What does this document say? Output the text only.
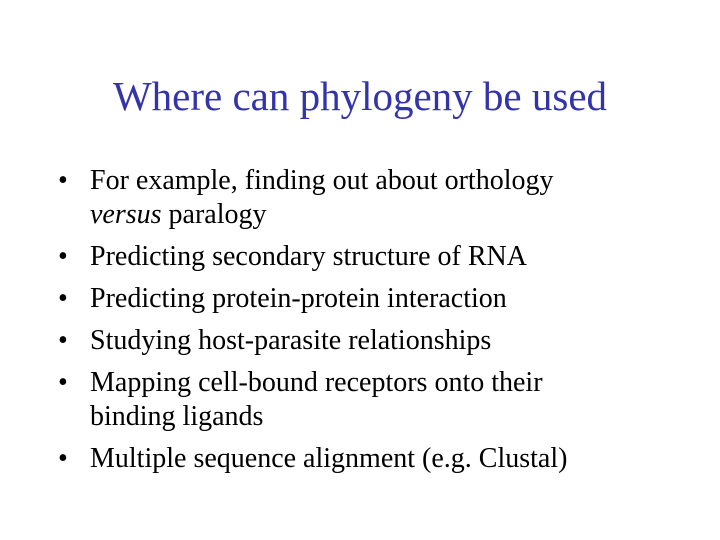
Where can phylogeny be used
• For example, finding out about orthology
versus paralogy
• Predicting secondary structure of RNA
• Predicting protein-protein interaction
• Studying host-parasite relationships
• Mapping cell-bound receptors onto their
binding ligands
• Multiple sequence alignment (e.g. Clustal)
